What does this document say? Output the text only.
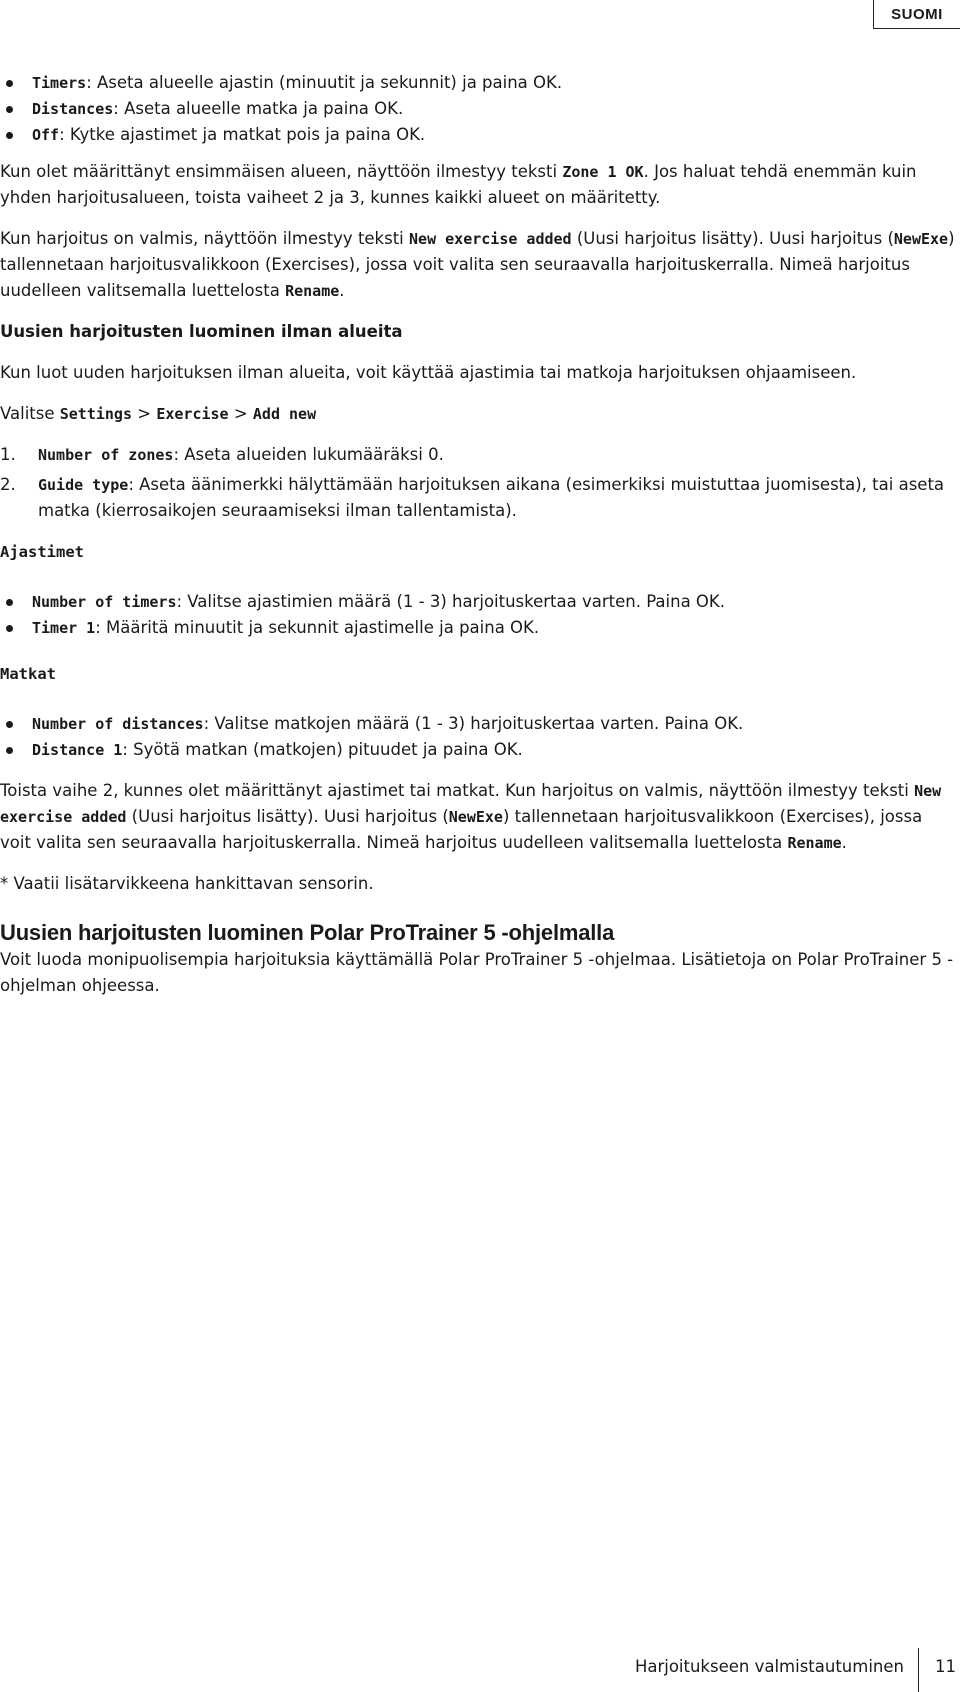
SUOMI

Timers: Aseta alueelle ajastin (minuutit ja sekunnit) ja paina OK.

Distances: Aseta alueelle matka ja paina OK.

Off: Kytke ajastimet ja matkat pois ja paina OK.

Kun olet määrittänyt ensimmäisen alueen, näyttöön ilmestyy teksti Zone 1 OK. Jos haluat tehdä enemmän kuin yhden harjoitusalueen, toista vaiheet 2 ja 3, kunnes kaikki alueet on määritetty.

Kun harjoitus on valmis, näyttöön ilmestyy teksti New exercise added (Uusi harjoitus lisätty). Uusi harjoitus (NewExe) tallennetaan harjoitusvalikkoon (Exercises), jossa voit valita sen seuraavalla harjoituskerralla. Nimeä harjoitus uudelleen valitsemalla luettelosta Rename.

Uusien harjoitusten luominen ilman alueita

Kun luot uuden harjoituksen ilman alueita, voit käyttää ajastimia tai matkoja harjoituksen ohjaamiseen.

Valitse Settings > Exercise > Add new

1. Number of zones: Aseta alueiden lukumääräksi 0.

2. Guide type: Aseta äänimerkki hälyttämään harjoituksen aikana (esimerkiksi muistuttaa juomisesta), tai aseta matka (kierrosaikojen seuraamiseksi ilman tallentamista).

Ajastimet

Number of timers: Valitse ajastimien määrä (1 - 3) harjoituskertaa varten. Paina OK.

Timer 1: Määritä minuutit ja sekunnit ajastimelle ja paina OK.

Matkat

Number of distances: Valitse matkojen määrä (1 - 3) harjoituskertaa varten. Paina OK.

Distance 1: Syötä matkan (matkojen) pituudet ja paina OK.

Toista vaihe 2, kunnes olet määrittänyt ajastimet tai matkat. Kun harjoitus on valmis, näyttöön ilmestyy teksti New exercise added (Uusi harjoitus lisätty). Uusi harjoitus (NewExe) tallennetaan harjoitusvalikkoon (Exercises), jossa voit valita sen seuraavalla harjoituskerralla. Nimeä harjoitus uudelleen valitsemalla luettelosta Rename.

* Vaatii lisätarvikkeena hankittavan sensorin.

Uusien harjoitusten luominen Polar ProTrainer 5 -ohjelmalla

Voit luoda monipuolisempia harjoituksia käyttämällä Polar ProTrainer 5 -ohjelmaa. Lisätietoja on Polar ProTrainer 5 -ohjelman ohjeessa.

Harjoitukseen valmistautuminen	11
